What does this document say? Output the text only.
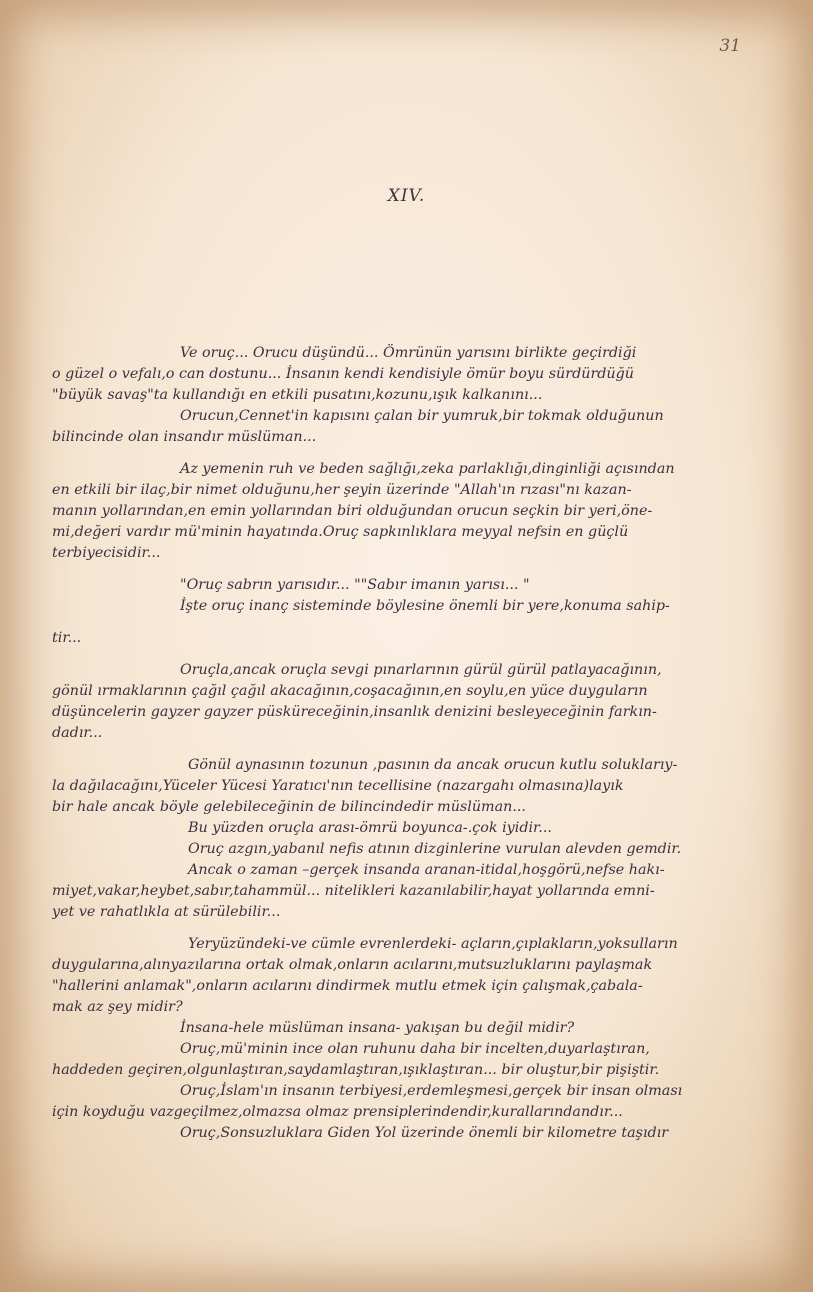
31
XIV.
Ve oruç... Orucu düşündü... Ömrünün yarısını birlikte geçirdiği
o güzel o vefalı,o can dostunu... İnsanın kendi kendisiyle ömür boyu sürdürdüğü
"büyük savaş"ta kullandığı en etkili pusatını,kozunu,ışık kalkanını...
Orucun,Cennet'in kapısını çalan bir yumruk,bir tokmak olduğunun
bilincinde olan insandır müslüman...
Az yemenin ruh ve beden sağlığı,zeka parlaklığı,dinginliği açısından
en etkili bir ilaç,bir nimet olduğunu,her şeyin üzerinde "Allah'ın rızası"nı kazan-
manın yollarından,en emin yollarından biri olduğundan orucun seçkin bir yeri,öne-
mi,değeri vardır mü'minin hayatında.Oruç sapkınlıklara meyyal nefsin en güçlü
terbiyecisidir...
"Oruç sabrın yarısıdır... ""Sabır imanın yarısı... "
İşte oruç inanç sisteminde böylesine önemli bir yere,konuma sahip-
tir...
Oruçla,ancak oruçla sevgi pınarlarının gürül gürül patlayacağının,
gönül ırmaklarının çağıl çağıl akacağının,coşacağının,en soylu,en yüce duyguların
düşüncelerin gayzer gayzer püskürеceğinin,insanlık denizini besleyeceğinin farkın-
dadır...
Gönül aynasının tozunun ,pasının da ancak orucun kutlu soluklarıy-
la dağılacağını,Yüceler Yücesi Yaratıcı'nın tecellisine (nazargahı olmasına)layık
bir hale ancak böyle gelebileceğinin de bilincindedir müslüman...
Bu yüzden oruçla arası-ömrü boyunca-.çok iyidir...
Oruç azgın,yabanıl nefis atının dizginlerine vurulan alevden gemdir.
Ancak o zaman –gerçek insanda aranan-itidal,hoşgörü,nefse hakı-
miyet,vakar,heybet,sabır,tahammül... nitelikleri kazanılabilir,hayat yollarında emni-
yet ve rahatlıkla at sürülebilir...
Yeryüzündeki-ve cümle evrenlerdeki- açların,çıplakların,yoksulların
duygularına,alınyazılarına ortak olmak,onların acılarını,mutsuzluklarını paylaşmak
"hallerini anlamak",onların acılarını dindirmek mutlu etmek için çalışmak,çabala-
mak az şey midir?
İnsana-hele müslüman insana- yakışan bu değil midir?
Oruç,mü'minin ince olan ruhunu daha bir inceltеn,duyarlaştıran,
haddeden geçiren,olgunlaştıran,saydamlaştıran,ışıklaştıran... bir oluştur,bir pişiştir.
Oruç,İslam'ın insanın terbiyesi,erdemleşmesi,gerçek bir insan olması
için koyduğu vazgeçilmez,olmazsa olmaz prensiplerindendir,kurallarındandır...
Oruç,Sonsuzluklara Giden Yol üzerinde önemli bir kilometre taşıdır
· · ·
